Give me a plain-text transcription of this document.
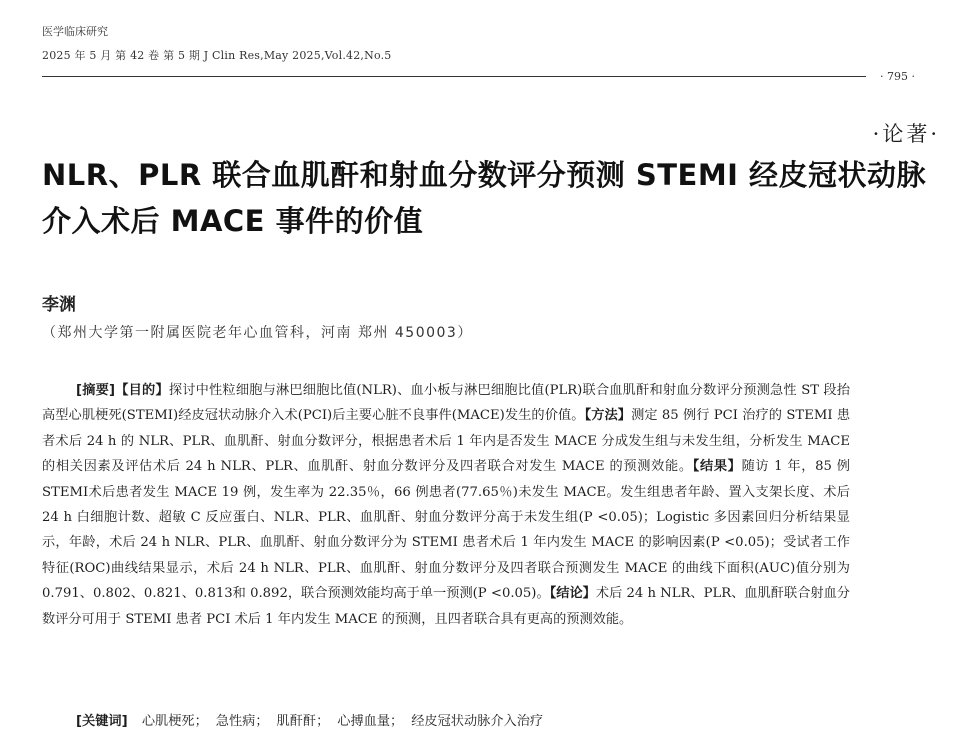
医学临床研究
2025 年 5 月 第 42 卷 第 5 期 J Clin Res,May 2025,Vol.42,No.5
· 795 ·
·论著·
NLR、PLR 联合血肌酐和射血分数评分预测 STEMI 经皮冠状动脉介入术后 MACE 事件的价值
李渊
（郑州大学第一附属医院老年心血管科，河南 郑州 450003）
[摘要]【目的】探讨中性粒细胞与淋巴细胞比值(NLR)、血小板与淋巴细胞比值(PLR)联合血肌酐和射血分数评分预测急性 ST 段抬高型心肌梗死(STEMI)经皮冠状动脉介入术(PCI)后主要心脏不良事件(MACE)发生的价值。【方法】测定 85 例行 PCI 治疗的 STEMI 患者术后 24 h 的 NLR、PLR、血肌酐、射血分数评分，根据患者术后 1 年内是否发生 MACE 分成发生组与未发生组，分析发生 MACE 的相关因素及评估术后 24 h NLR、PLR、血肌酐、射血分数评分及四者联合对发生 MACE 的预测效能。【结果】随访 1 年，85 例 STEMI术后患者发生 MACE 19 例，发生率为 22.35％，66 例患者(77.65％)未发生 MACE。发生组患者年龄、置入支架长度、术后 24 h 白细胞计数、超敏 C 反应蛋白、NLR、PLR、血肌酐、射血分数评分高于未发生组(P <0.05)；Logistic 多因素回归分析结果显示，年龄，术后 24 h NLR、PLR、血肌酐、射血分数评分为 STEMI 患者术后 1 年内发生 MACE 的影响因素(P <0.05)；受试者工作特征(ROC)曲线结果显示，术后 24 h NLR、PLR、血肌酐、射血分数评分及四者联合预测发生 MACE 的曲线下面积(AUC)值分别为 0.791、0.802、0.821、0.813和 0.892，联合预测效能均高于单一预测(P <0.05)。【结论】术后 24 h NLR、PLR、血肌酐联合射血分数评分可用于 STEMI 患者 PCI 术后 1 年内发生 MACE 的预测，且四者联合具有更高的预测效能。
[关键词] 心肌梗死； 急性病； 肌酐酐； 心搏血量； 经皮冠状动脉介入治疗
